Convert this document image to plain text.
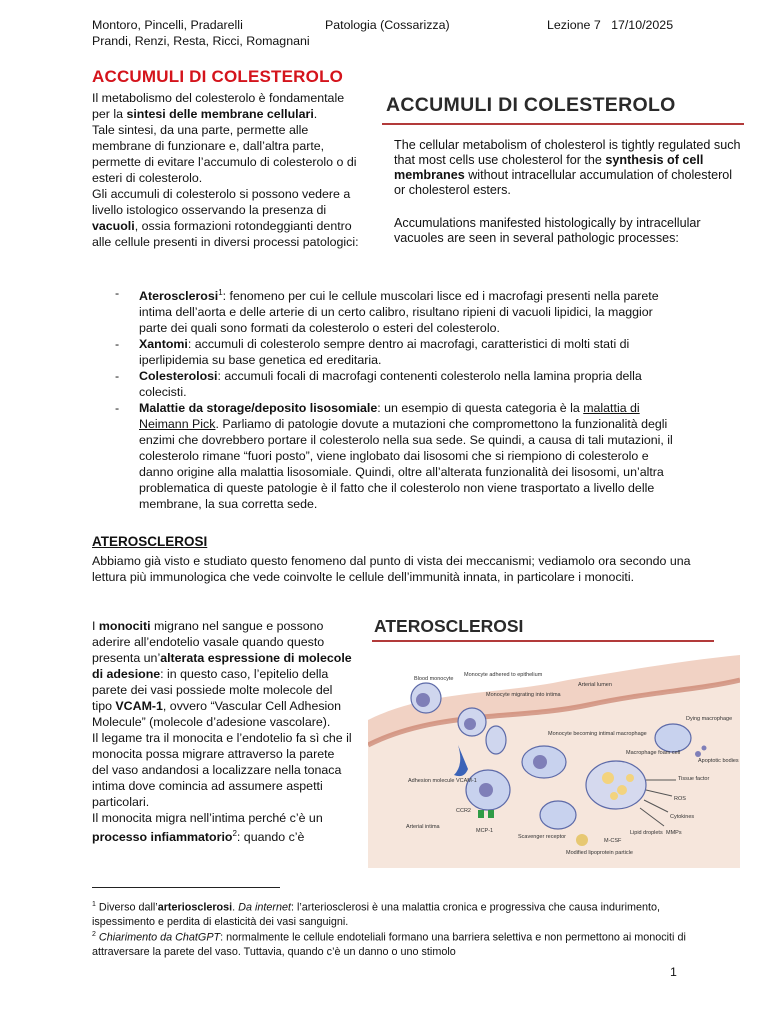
Montoro, Pincelli, Pradarelli
Prandi, Renzi, Resta, Ricci, Romagnani
Patologia (Cossarizza)	Lezione 7 17/10/2025
ACCUMULI DI COLESTEROLO
Il metabolismo del colesterolo è fondamentale per la sintesi delle membrane cellulari.
Tale sintesi, da una parte, permette alle membrane di funzionare e, dall’altra parte, permette di evitare l’accumulo di colesterolo o di esteri di colesterolo.
Gli accumuli di colesterolo si possono vedere a livello istologico osservando la presenza di vacuoli, ossia formazioni rotondeggianti dentro alle cellule presenti in diversi processi patologici:
ACCUMULI DI COLESTEROLO
The cellular metabolism of cholesterol is tightly regulated such that most cells use cholesterol for the synthesis of cell membranes without intracellular accumulation of cholesterol or cholesterol esters.
Accumulations manifested histologically by intracellular vacuoles are seen in several pathologic processes:
- Aterosclerosi$^1$: fenomeno per cui le cellule muscolari lisce ed i macrofagi presenti nella parete intima dell’aorta e delle arterie di un certo calibro, risultano ripieni di vacuoli lipidici, la maggior parte dei quali sono formati da colesterolo o esteri del colesterolo.
- Xantomi: accumuli di colesterolo sempre dentro ai macrofagi, caratteristici di molti stati di iperlipidemia su base genetica ed ereditaria.
- Colesterolosi: accumuli focali di macrofagi contenenti colesterolo nella lamina propria della colecisti.
- Malattie da storage/deposito lisosomiale: un esempio di questa categoria è la malattia di Neimann Pick. Parliamo di patologie dovute a mutazioni che compromettono la funzionalità degli enzimi che dovrebbero portare il colesterolo nella sua sede. Se quindi, a causa di tali mutazioni, il colesterolo rimane “fuori posto”, viene inglobato dai lisosomi che si riempiono di colesterolo e danno origine alla malattia lisosomiale. Quindi, oltre all’alterata funzionalità dei lisosomi, un’altra problematica di queste patologie è il fatto che il colesterolo non viene trasportato a livello delle membrane, la sua corretta sede.
ATEROSCLEROSI
Abbiamo già visto e studiato questo fenomeno dal punto di vista dei meccanismi; vediamolo ora secondo una lettura più immunologica che vede coinvolte le cellule dell’immunità innata, in particolare i monociti.
I monociti migrano nel sangue e possono aderire all’endotelio vasale quando questo presenta un’alterata espressione di molecole di adesione: in questo caso, l’epitelio della parete dei vasi possiede molte molecole del tipo VCAM-1, ovvero “Vascular Cell Adhesion Molecule” (molecole d’adesione vascolare).
Il legame tra il monocita e l’endotelio fa sì che il monocita possa migrare attraverso la parete del vaso andandosi a localizzare nella tonaca intima dove comincia ad assumere aspetti particolari.
Il monocita migra nell’intima perché c’è un processo infiammatorio$^2$: quando c’è
ATEROSCLEROSI
Blood monocyte
Monocyte adhered to epithelium
Monocyte migrating into intima
Arterial lumen
Monocyte becoming intimal macrophage
Dying macrophage
Adhesion molecule VCAM-1
Macrophage foam cell
Apoptotic bodies
CCR2
Tissue factor
ROS
Arterial intima
MCP-1
Scavenger receptor
M-CSF
Lipid droplets
Cytokines
MMPs
Modified lipoprotein particle
$^1$ Diverso dall’arteriosclerosi. Da internet: l’arteriosclerosi è una malattia cronica e progressiva che causa indurimento, ispessimento e perdita di elasticità dei vasi sanguigni.
$^2$ Chiarimento da ChatGPT: normalmente le cellule endoteliali formano una barriera selettiva e non permettono ai monociti di attraversare la parete del vaso. Tuttavia, quando c’è un danno o uno stimolo
1
